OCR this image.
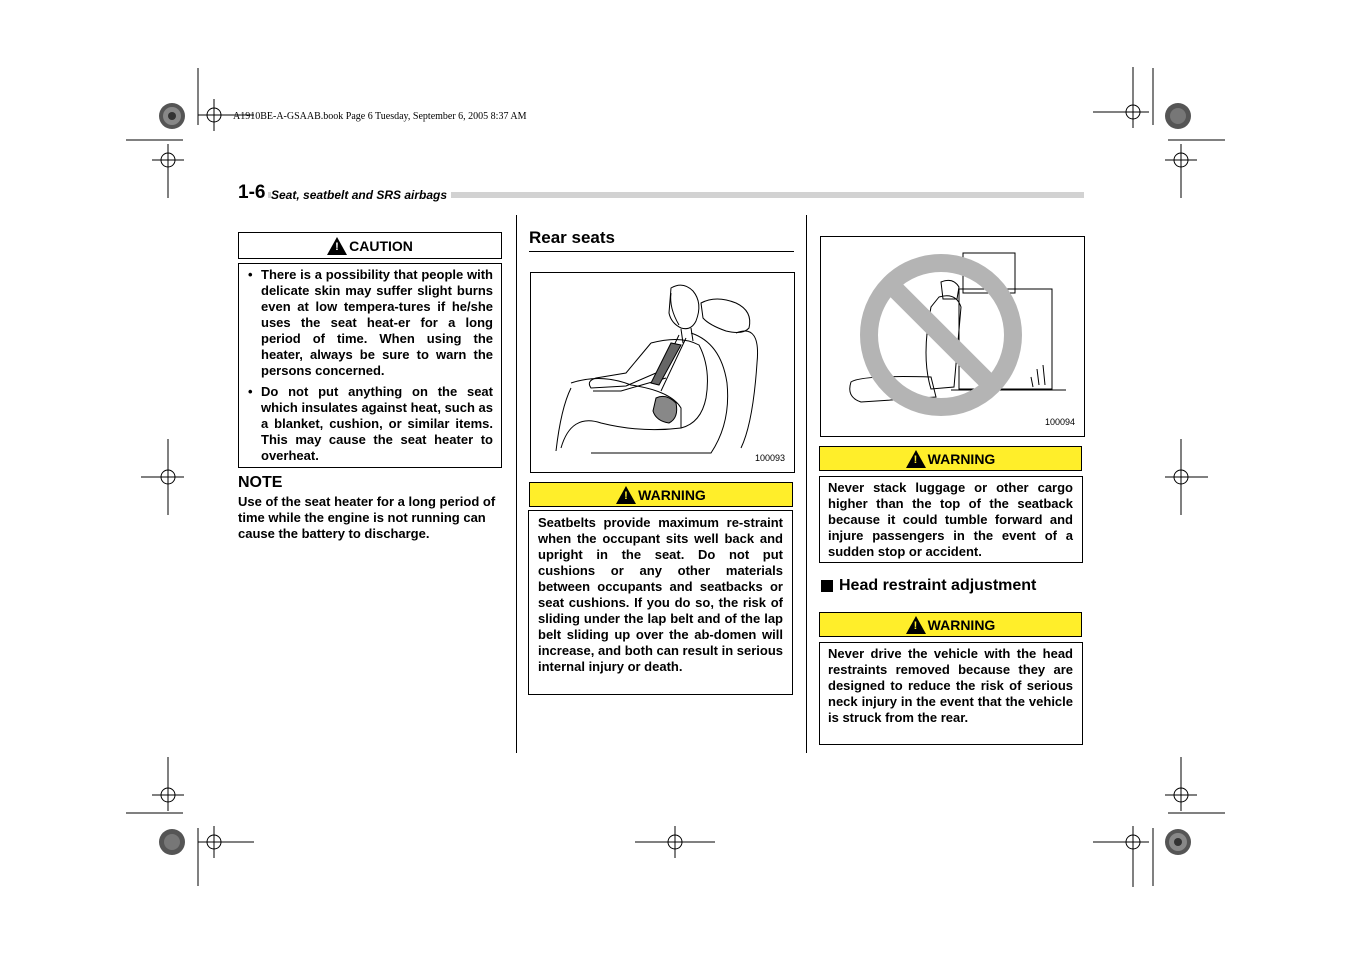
A1910BE-A-GSAAB.book Page 6 Tuesday, September 6, 2005 8:37 AM
1-6 Seat, seatbelt and SRS airbags
!
CAUTION
• There is a possibility that people with delicate skin may suffer slight burns even at low tempera-tures if he/she uses the seat heat-er for a long period of time. When using the heater, always be sure to warn the persons concerned.
• Do not put anything on the seat which insulates against heat, such as a blanket, cushion, or similar items. This may cause the seat heater to overheat.
NOTE
Use of the seat heater for a long period of time while the engine is not running can cause the battery to discharge.
Rear seats
100093
!
WARNING
Seatbelts provide maximum re-straint when the occupant sits well back and upright in the seat. Do not put cushions or any other materials between occupants and seatbacks or seat cushions. If you do so, the risk of sliding under the lap belt and of the lap belt sliding up over the ab-domen will increase, and both can result in serious internal injury or death.
100094
!
WARNING
Never stack luggage or other cargo higher than the top of the seatback because it could tumble forward and injure passengers in the event of a sudden stop or accident.
Head restraint adjustment
!
WARNING
Never drive the vehicle with the head restraints removed because they are designed to reduce the risk of serious neck injury in the event that the vehicle is struck from the rear.
